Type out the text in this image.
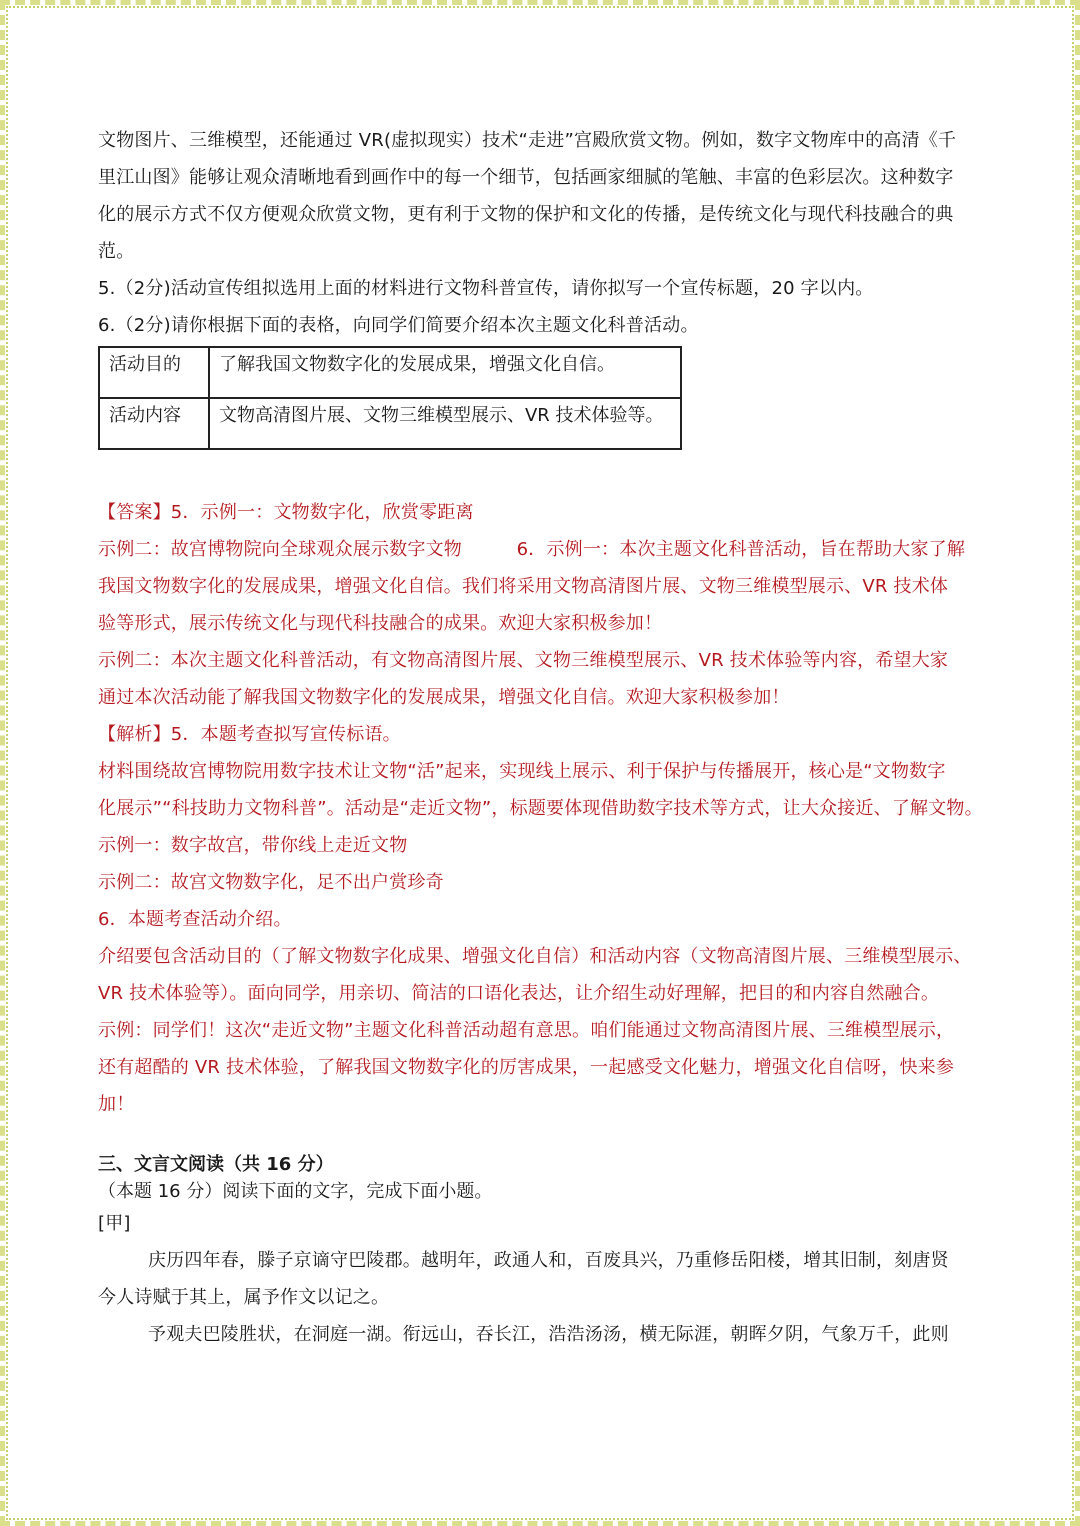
文物图片、三维模型，还能通过 VR(虚拟现实）技术“走进”宫殿欣赏文物。例如，数字文物库中的高清《千
里江山图》能够让观众清晰地看到画作中的每一个细节，包括画家细腻的笔触、丰富的色彩层次。这种数字
化的展示方式不仅方便观众欣赏文物，更有利于文物的保护和文化的传播，是传统文化与现代科技融合的典
范。
5.（2分)活动宣传组拟选用上面的材料进行文物科普宣传，请你拟写一个宣传标题，20 字以内。
6.（2分)请你根据下面的表格，向同学们简要介绍本次主题文化科普活动。
活动目的	了解我国文物数字化的发展成果，增强文化自信。
活动内容	文物高清图片展、文物三维模型展示、VR 技术体验等。
【答案】5．示例一：文物数字化，欣赏零距离
示例二：故宫博物院向全球观众展示数字文物　　　6．示例一：本次主题文化科普活动，旨在帮助大家了解
我国文物数字化的发展成果，增强文化自信。我们将采用文物高清图片展、文物三维模型展示、VR 技术体
验等形式，展示传统文化与现代科技融合的成果。欢迎大家积极参加！
示例二：本次主题文化科普活动，有文物高清图片展、文物三维模型展示、VR 技术体验等内容，希望大家
通过本次活动能了解我国文物数字化的发展成果，增强文化自信。欢迎大家积极参加！
【解析】5．本题考查拟写宣传标语。
材料围绕故宫博物院用数字技术让文物“活”起来，实现线上展示、利于保护与传播展开，核心是“文物数字
化展示”“科技助力文物科普”。活动是“走近文物”，标题要体现借助数字技术等方式，让大众接近、了解文物。
示例一：数字故宫，带你线上走近文物
示例二：故宫文物数字化，足不出户赏珍奇
6．本题考查活动介绍。
介绍要包含活动目的（了解文物数字化成果、增强文化自信）和活动内容（文物高清图片展、三维模型展示、
VR 技术体验等）。面向同学，用亲切、简洁的口语化表达，让介绍生动好理解，把目的和内容自然融合。
示例：同学们！这次“走近文物”主题文化科普活动超有意思。咱们能通过文物高清图片展、三维模型展示，
还有超酷的 VR 技术体验，了解我国文物数字化的厉害成果，一起感受文化魅力，增强文化自信呀，快来参
加！
三、文言文阅读（共 16 分）
（本题 16 分）阅读下面的文字，完成下面小题。
[甲]
庆历四年春，滕子京谪守巴陵郡。越明年，政通人和，百废具兴，乃重修岳阳楼，增其旧制，刻唐贤
今人诗赋于其上，属予作文以记之。
予观夫巴陵胜状，在洞庭一湖。衔远山，吞长江，浩浩汤汤，横无际涯，朝晖夕阴，气象万千，此则
